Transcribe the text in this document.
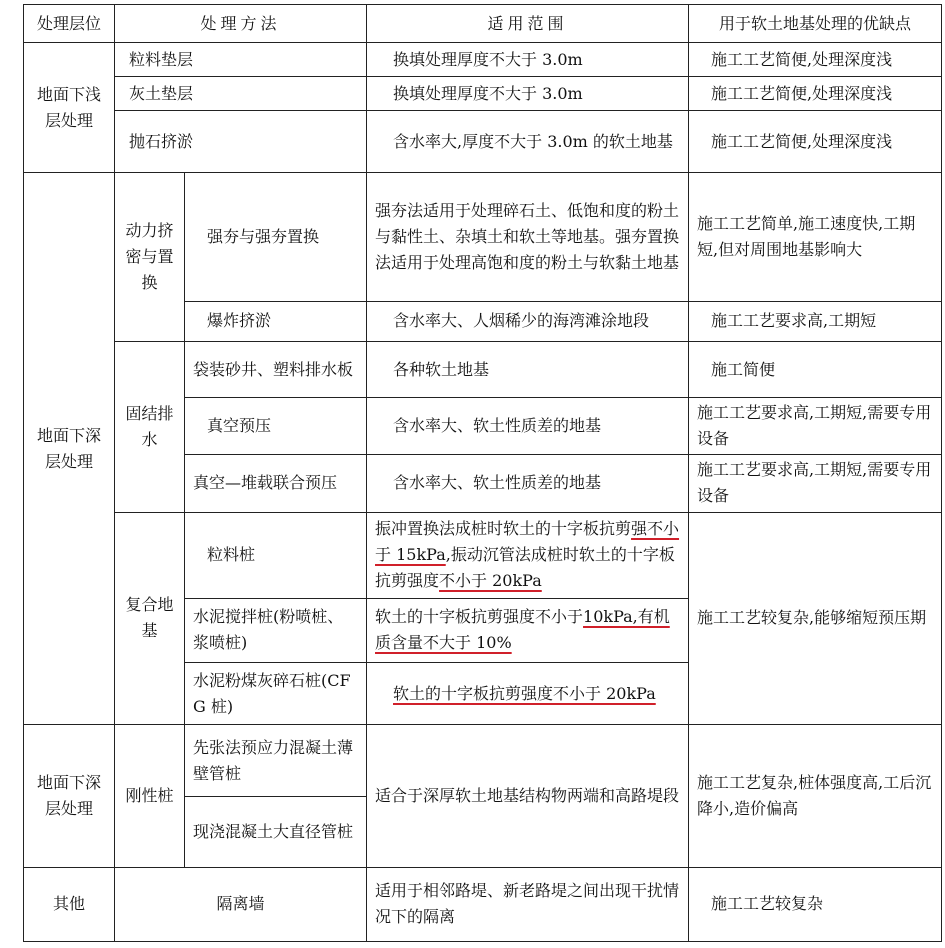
处理层位	处理方法		适用范围	用于软土地基处理的优缺点
地面下浅层处理	粒料垫层		换填处理厚度不大于 3.0m	施工工艺简便,处理深度浅
	灰土垫层		换填处理厚度不大于 3.0m	施工工艺简便,处理深度浅
	抛石挤淤		含水率大,厚度不大于 3.0m 的软土地基	施工工艺简便,处理深度浅
地面下深层处理	动力挤密与置换	强夯与强夯置换	强夯法适用于处理碎石土、低饱和度的粉土与黏性土、杂填土和软土等地基。强夯置换法适用于处理高饱和度的粉土与软黏土地基	施工工艺简单,施工速度快,工期短,但对周围地基影响大
		爆炸挤淤	含水率大、人烟稀少的海湾滩涂地段	施工工艺要求高,工期短
	固结排水	袋装砂井、塑料排水板	各种软土地基	施工简便
		真空预压	含水率大、软土性质差的地基	施工工艺要求高,工期短,需要专用设备
		真空—堆载联合预压	含水率大、软土性质差的地基	施工工艺要求高,工期短,需要专用设备
	复合地基	粒料桩	振冲置换法成桩时软土的十字板抗剪强不小于 15kPa,振动沉管法成桩时软土的十字板抗剪强度不小于 20kPa	施工工艺较复杂,能够缩短预压期
		水泥搅拌桩(粉喷桩、浆喷桩)	软土的十字板抗剪强度不小于10kPa,有机质含量不大于 10%	
		水泥粉煤灰碎石桩(CFG 桩)	软土的十字板抗剪强度不小于 20kPa	
地面下深层处理	刚性桩	先张法预应力混凝土薄壁管桩	适合于深厚软土地基结构物两端和高路堤段	施工工艺复杂,桩体强度高,工后沉降小,造价偏高
		现浇混凝土大直径管桩		
其他	隔离墙		适用于相邻路堤、新老路堤之间出现干扰情况下的隔离	施工工艺较复杂
